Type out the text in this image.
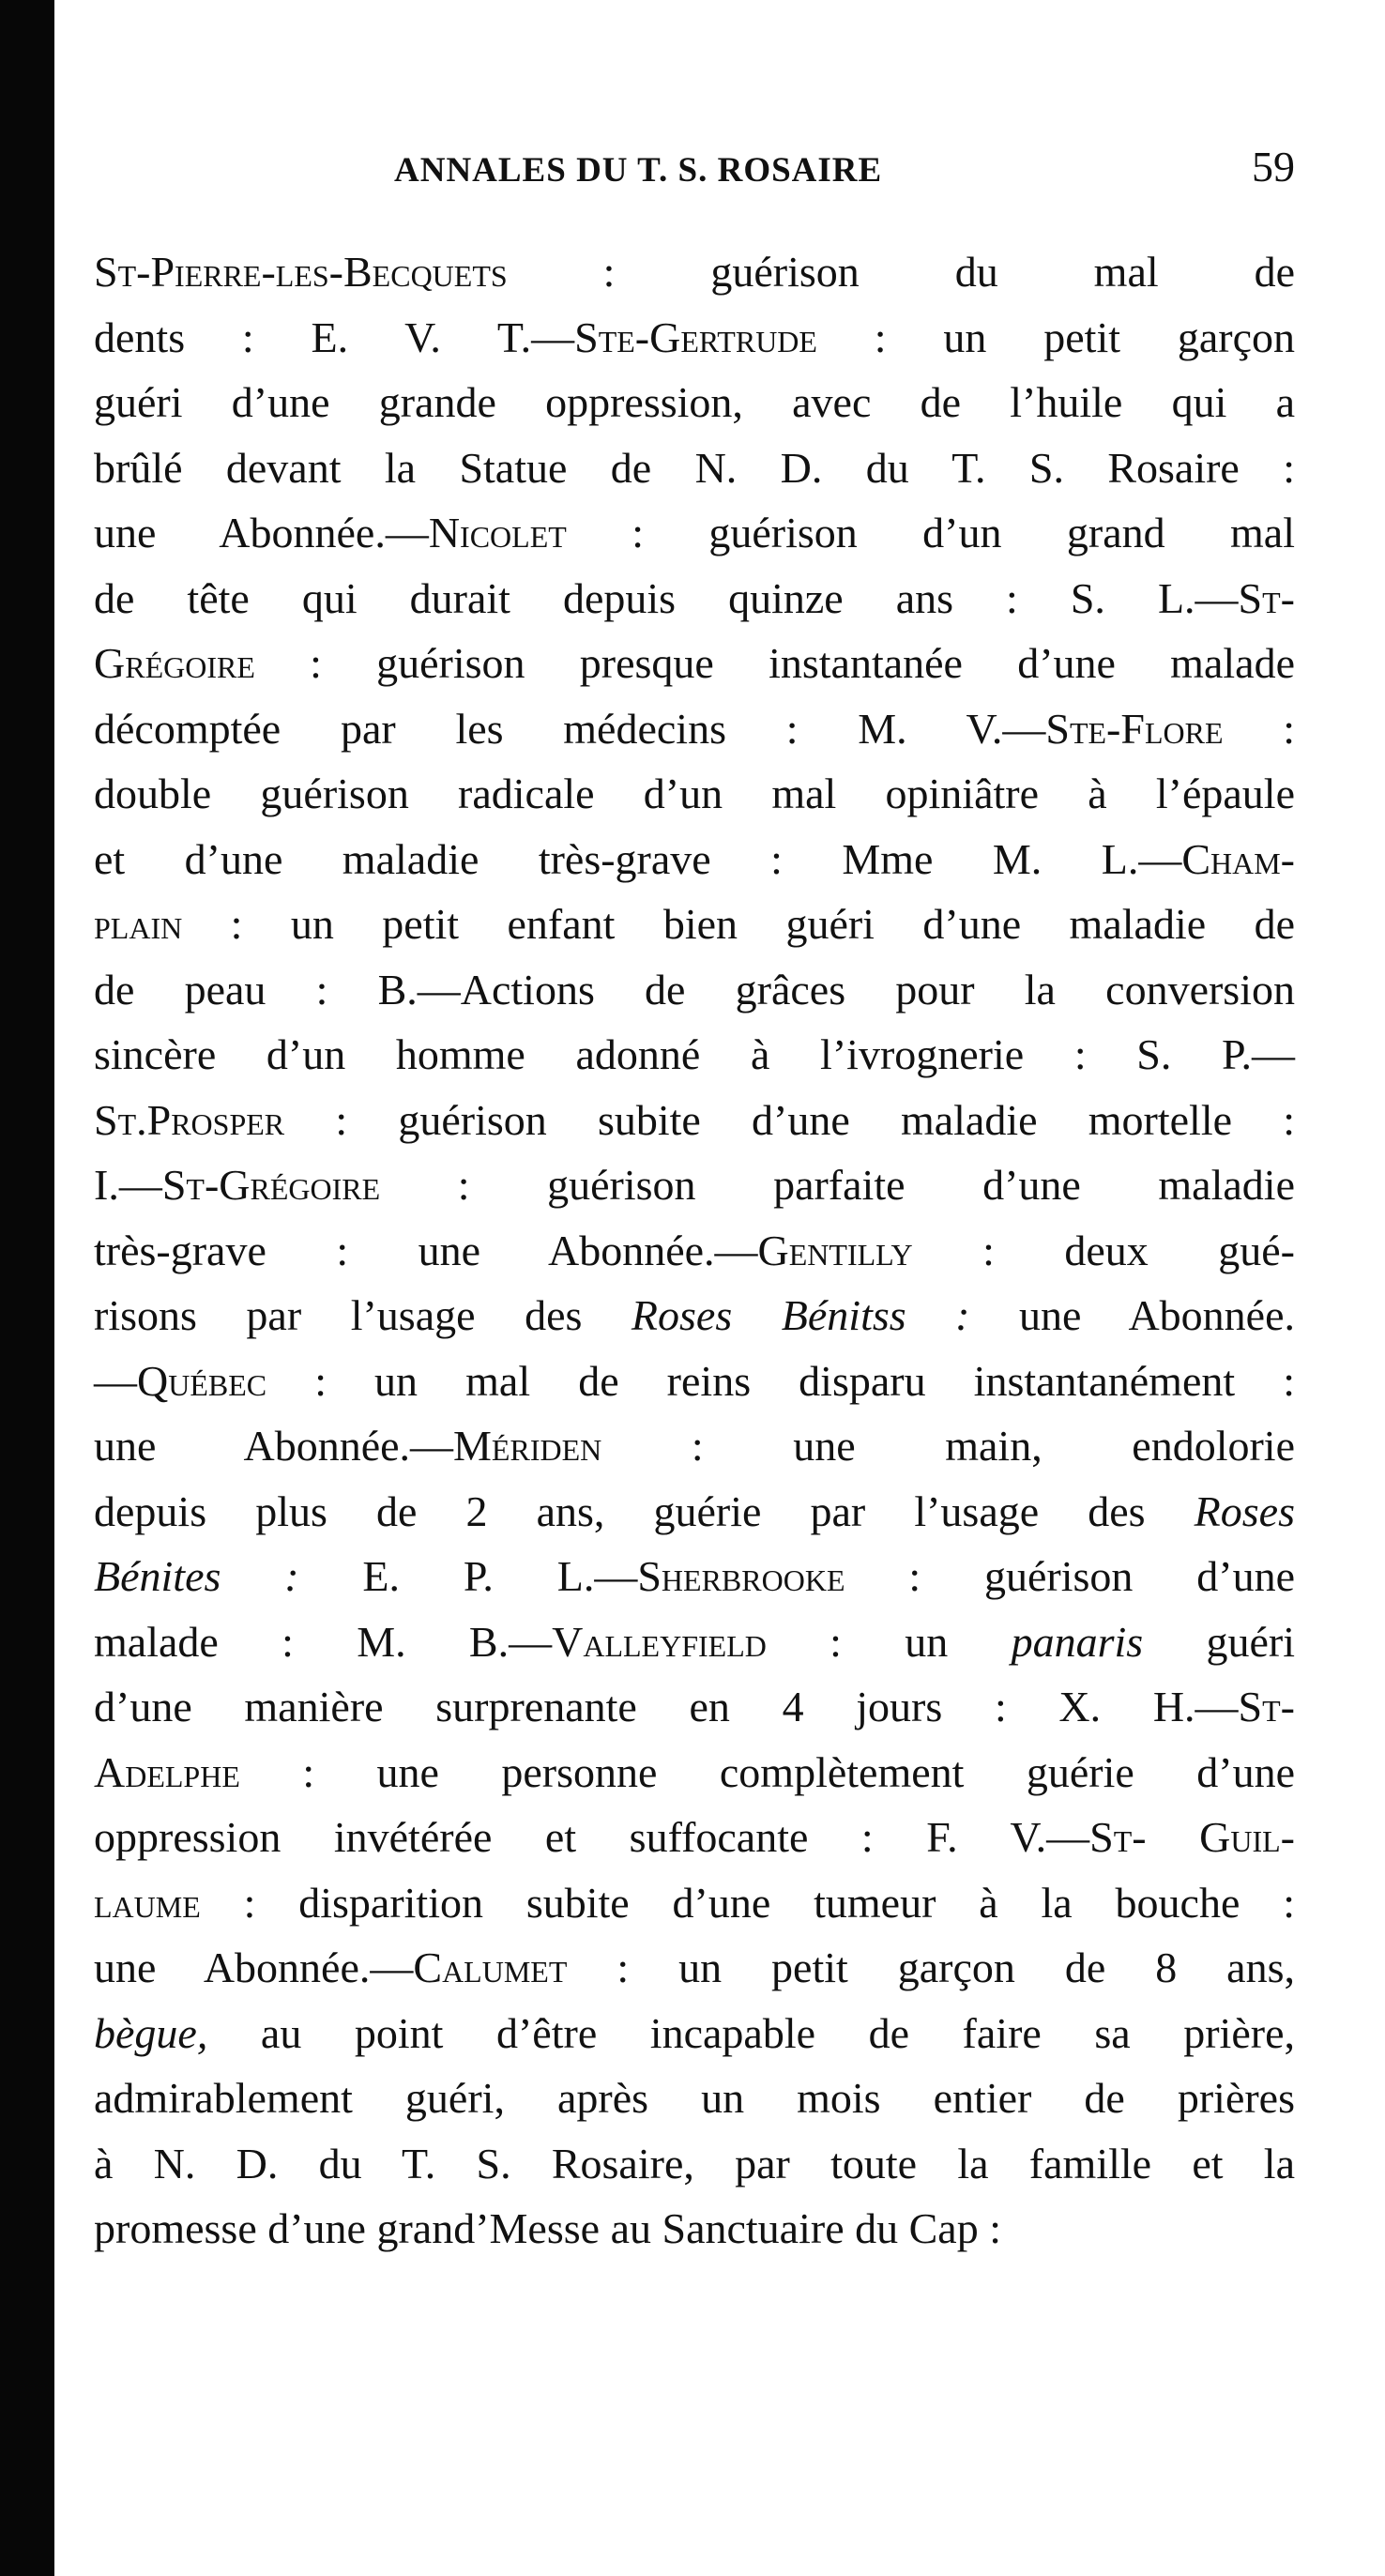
ANNALES DU T. S. ROSAIRE	59
St-Pierre-les-Becquets : guérison du mal de
dents : E. V. T.—Ste-Gertrude : un petit garçon
guéri d’une grande oppression, avec de l’huile qui a
brûlé devant la Statue de N. D. du T. S. Rosaire :
une Abonnée.—Nicolet : guérison d’un grand mal
de tête qui durait depuis quinze ans : S. L.—St-
Grégoire : guérison presque instantanée d’une malade
décomptée par les médecins : M. V.—Ste-Flore :
double guérison radicale d’un mal opiniâtre à l’épaule
et d’une maladie très-grave : Mme M. L.—Cham-
plain : un petit enfant bien guéri d’une maladie de
de peau : B.—Actions de grâces pour la conversion
sincère d’un homme adonné à l’ivrognerie : S. P.—
St.Prosper : guérison subite d’une maladie mortelle :
I.—St-Grégoire : guérison parfaite d’une maladie
très-grave : une Abonnée.—Gentilly : deux gué-
risons par l’usage des Roses Bénitss : une Abonnée.
—Québec : un mal de reins disparu instantanément :
une Abonnée.—Mériden : une main, endolorie
depuis plus de 2 ans, guérie par l’usage des Roses
Bénites : E. P. L.—Sherbrooke : guérison d’une
malade : M. B.—Valleyfield : un panaris guéri
d’une manière surprenante en 4 jours : X. H.—St-
Adelphe : une personne complètement guérie d’une
oppression invétérée et suffocante : F. V.—St- Guil-
laume : disparition subite d’une tumeur à la bouche :
une Abonnée.—Calumet : un petit garçon de 8 ans,
bègue, au point d’être incapable de faire sa prière,
admirablement guéri, après un mois entier de prières
à N. D. du T. S. Rosaire, par toute la famille et la
promesse d’une grand’Messe au Sanctuaire du Cap :
